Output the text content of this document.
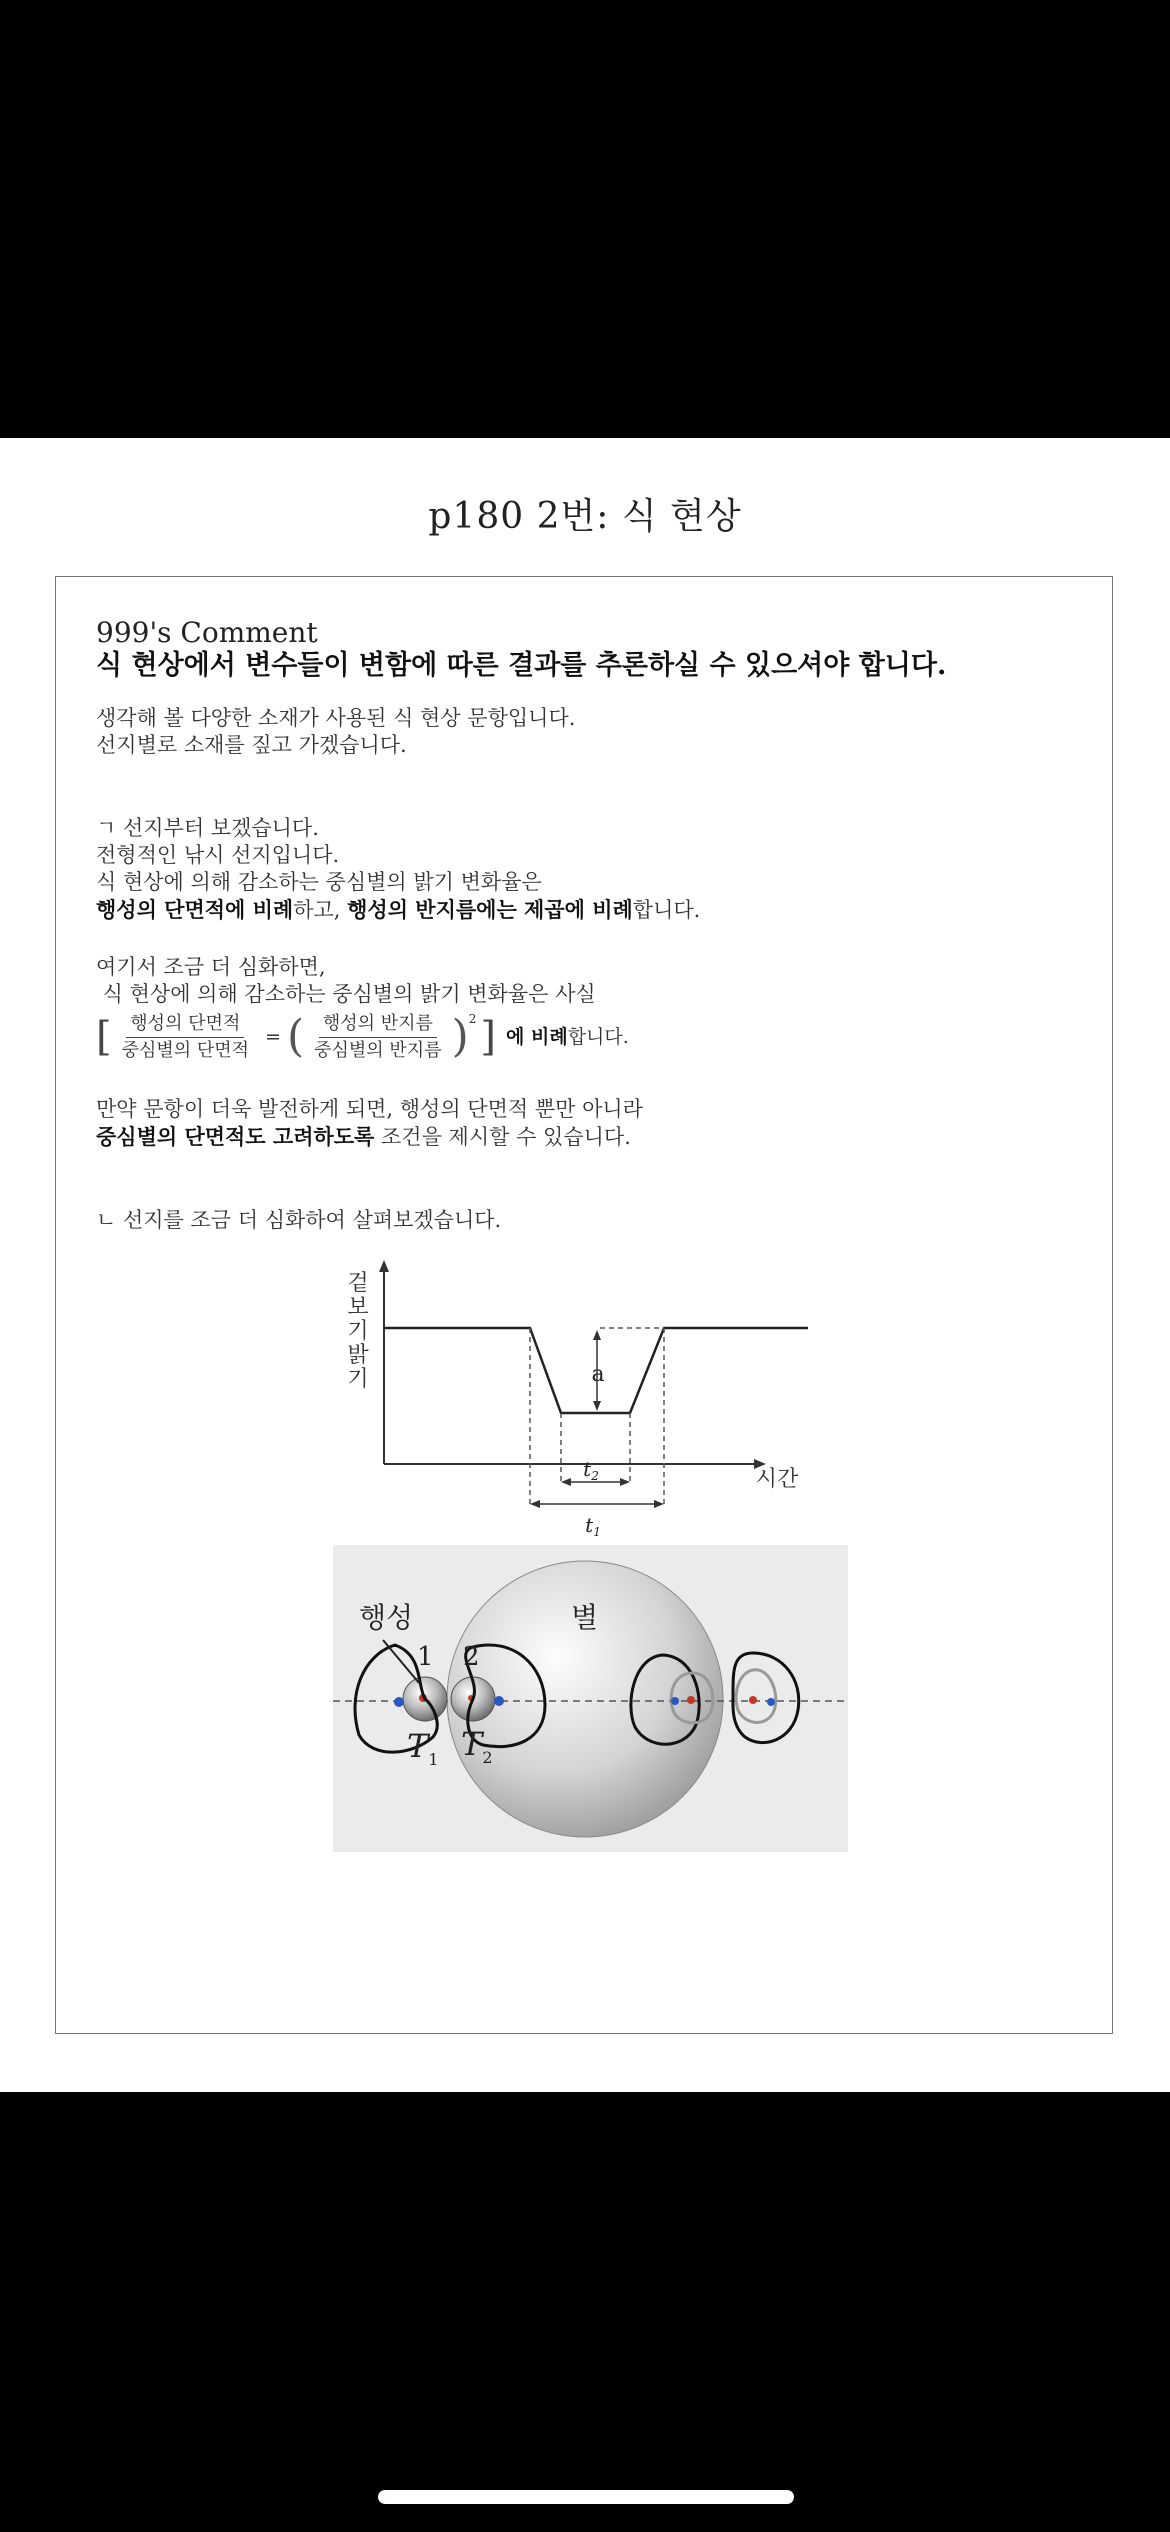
p180 2번: 식 현상
999's Comment
식 현상에서 변수들이 변함에 따른 결과를 추론하실 수 있으셔야 합니다.

생각해 볼 다양한 소재가 사용된 식 현상 문항입니다.

선지별로 소재를 짚고 가겠습니다.

ㄱ 선지부터 보겠습니다.

전형적인 낚시 선지입니다.

식 현상에 의해 감소하는 중심별의 밝기 변화율은

행성의 단면적에 비례하고, 행성의 반지름에는 제곱에 비례합니다.

여기서 조금 더 심화하면,

식 현상에 의해 감소하는 중심별의 밝기 변화율은 사실

[ $\frac{\text{행성의 단면적}}{\text{중심별의 단면적}}$ = ( $\frac{\text{행성의 반지름}}{\text{중심별의 반지름}}$ ) 2 ] 에 비례합니다.

만약 문항이 더욱 발전하게 되면, 행성의 단면적 뿐만 아니라

중심별의 단면적도 고려하도록 조건을 제시할 수 있습니다.

ㄴ 선지를 조금 더 심화하여 살펴보겠습니다.

겉
보
기
밝
기
시간
a
$t_2$
$t_1$
행성	별
1 2
$T_1$ $T_2$
